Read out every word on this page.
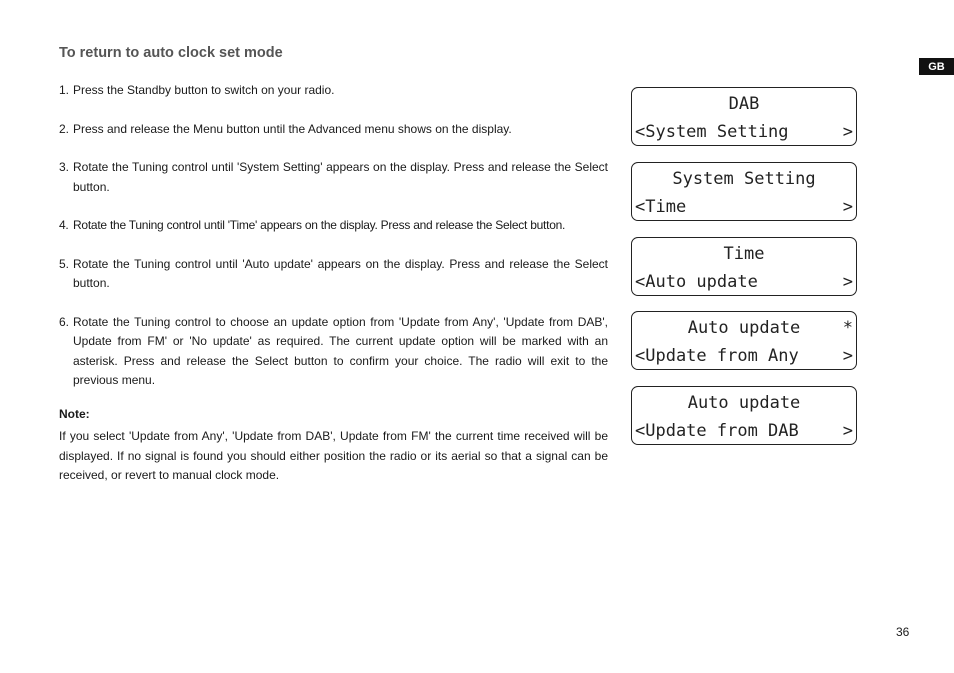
To return to auto clock set mode
GB
1. Press the Standby button to switch on your radio.
2. Press and release the Menu button until the Advanced menu shows on the display.
3. Rotate the Tuning control until 'System Setting' appears on the display. Press and release the Select button.
4. Rotate the Tuning control until 'Time' appears on the display. Press and release the Select button.
5. Rotate the Tuning control until 'Auto update' appears on the display. Press and release the Select button.
6. Rotate the Tuning control to choose an update option from 'Update from Any', 'Update from DAB', Update from FM' or 'No update' as required. The current update option will be marked with an asterisk. Press and release the Select button to confirm your choice. The radio will exit to the previous menu.
Note:
If you select 'Update from Any', 'Update from DAB', Update from FM' the current time received will be displayed. If no signal is found you should either position the radio or its aerial so that a signal can be received, or revert to manual clock mode.
DAB
<System Setting	>
System Setting
<Time	>
Time
<Auto update	>
Auto update	*
<Update from Any	>
Auto update
<Update from DAB	>
36
